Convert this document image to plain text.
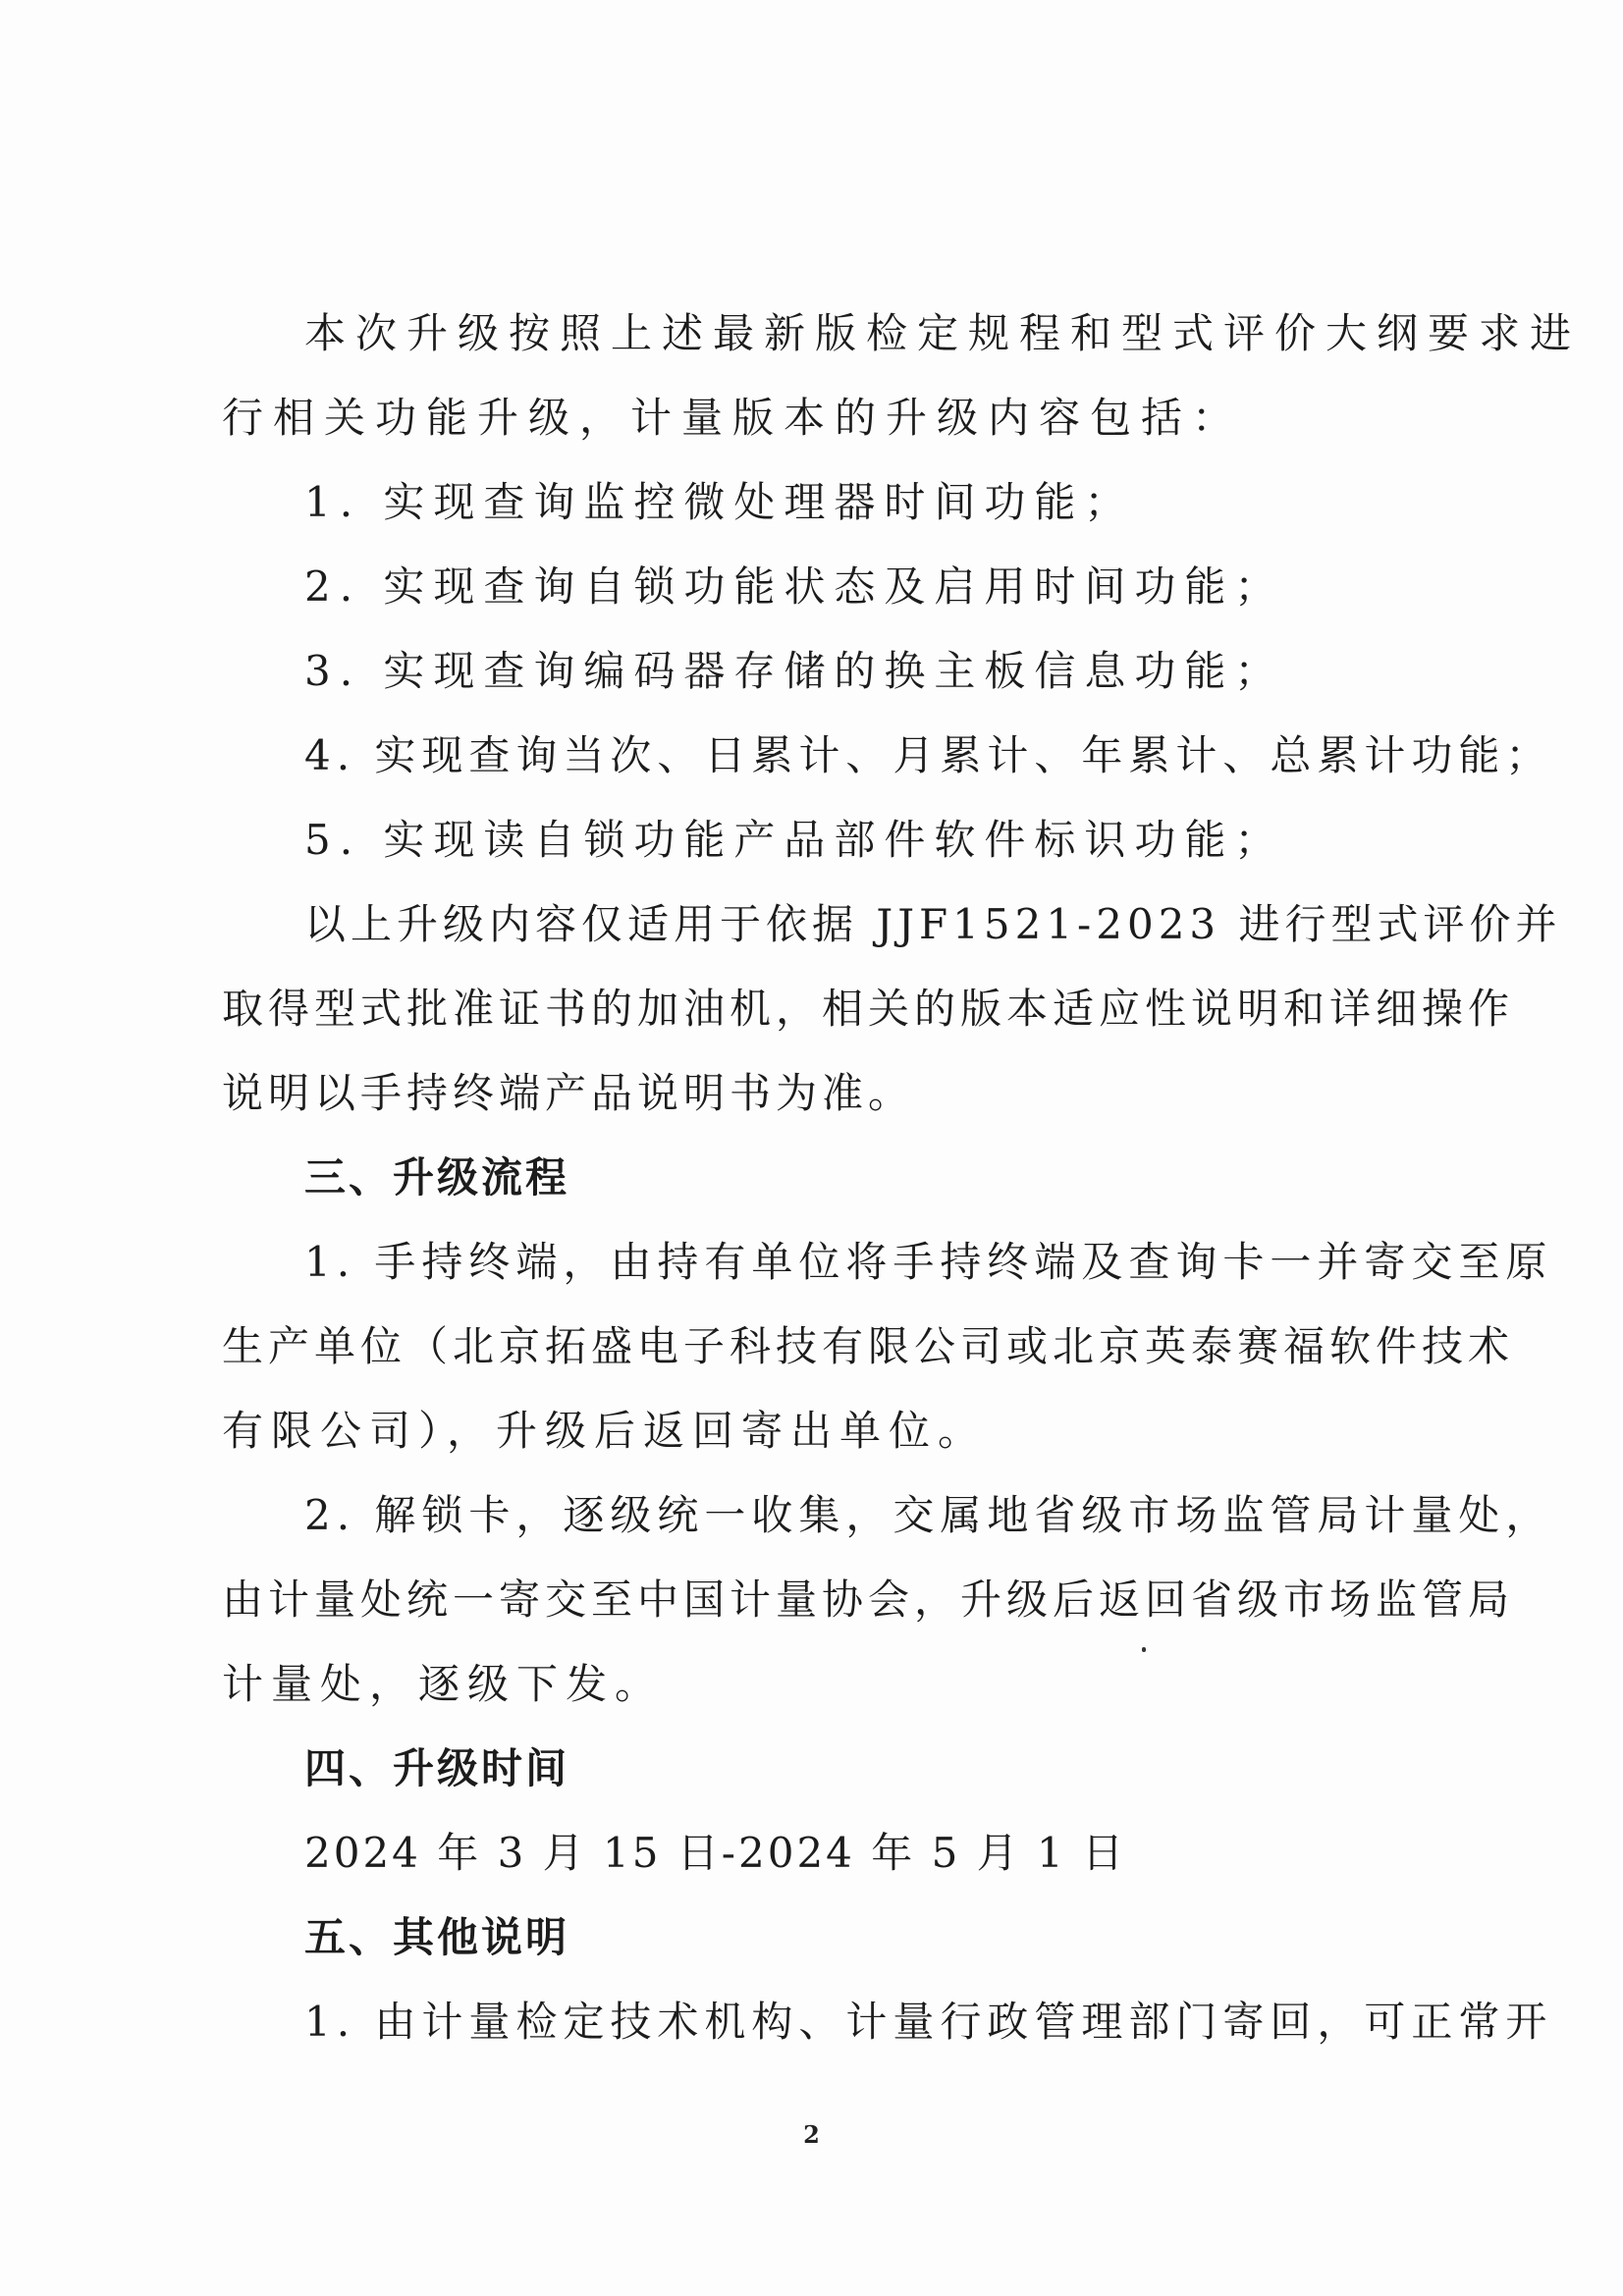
本次升级按照上述最新版检定规程和型式评价大纲要求进
行相关功能升级，计量版本的升级内容包括：
1. 实现查询监控微处理器时间功能；
2. 实现查询自锁功能状态及启用时间功能；
3. 实现查询编码器存储的换主板信息功能；
4. 实现查询当次、日累计、月累计、年累计、总累计功能；
5. 实现读自锁功能产品部件软件标识功能；
以上升级内容仅适用于依据 JJF1521-2023 进行型式评价并
取得型式批准证书的加油机，相关的版本适应性说明和详细操作
说明以手持终端产品说明书为准。
三、升级流程
1. 手持终端，由持有单位将手持终端及查询卡一并寄交至原
生产单位（北京拓盛电子科技有限公司或北京英泰赛福软件技术
有限公司），升级后返回寄出单位。
2. 解锁卡，逐级统一收集，交属地省级市场监管局计量处，
由计量处统一寄交至中国计量协会，升级后返回省级市场监管局
计量处，逐级下发。
四、升级时间
2024 年 3 月 15 日-2024 年 5 月 1 日
五、其他说明
1. 由计量检定技术机构、计量行政管理部门寄回，可正常开
2
